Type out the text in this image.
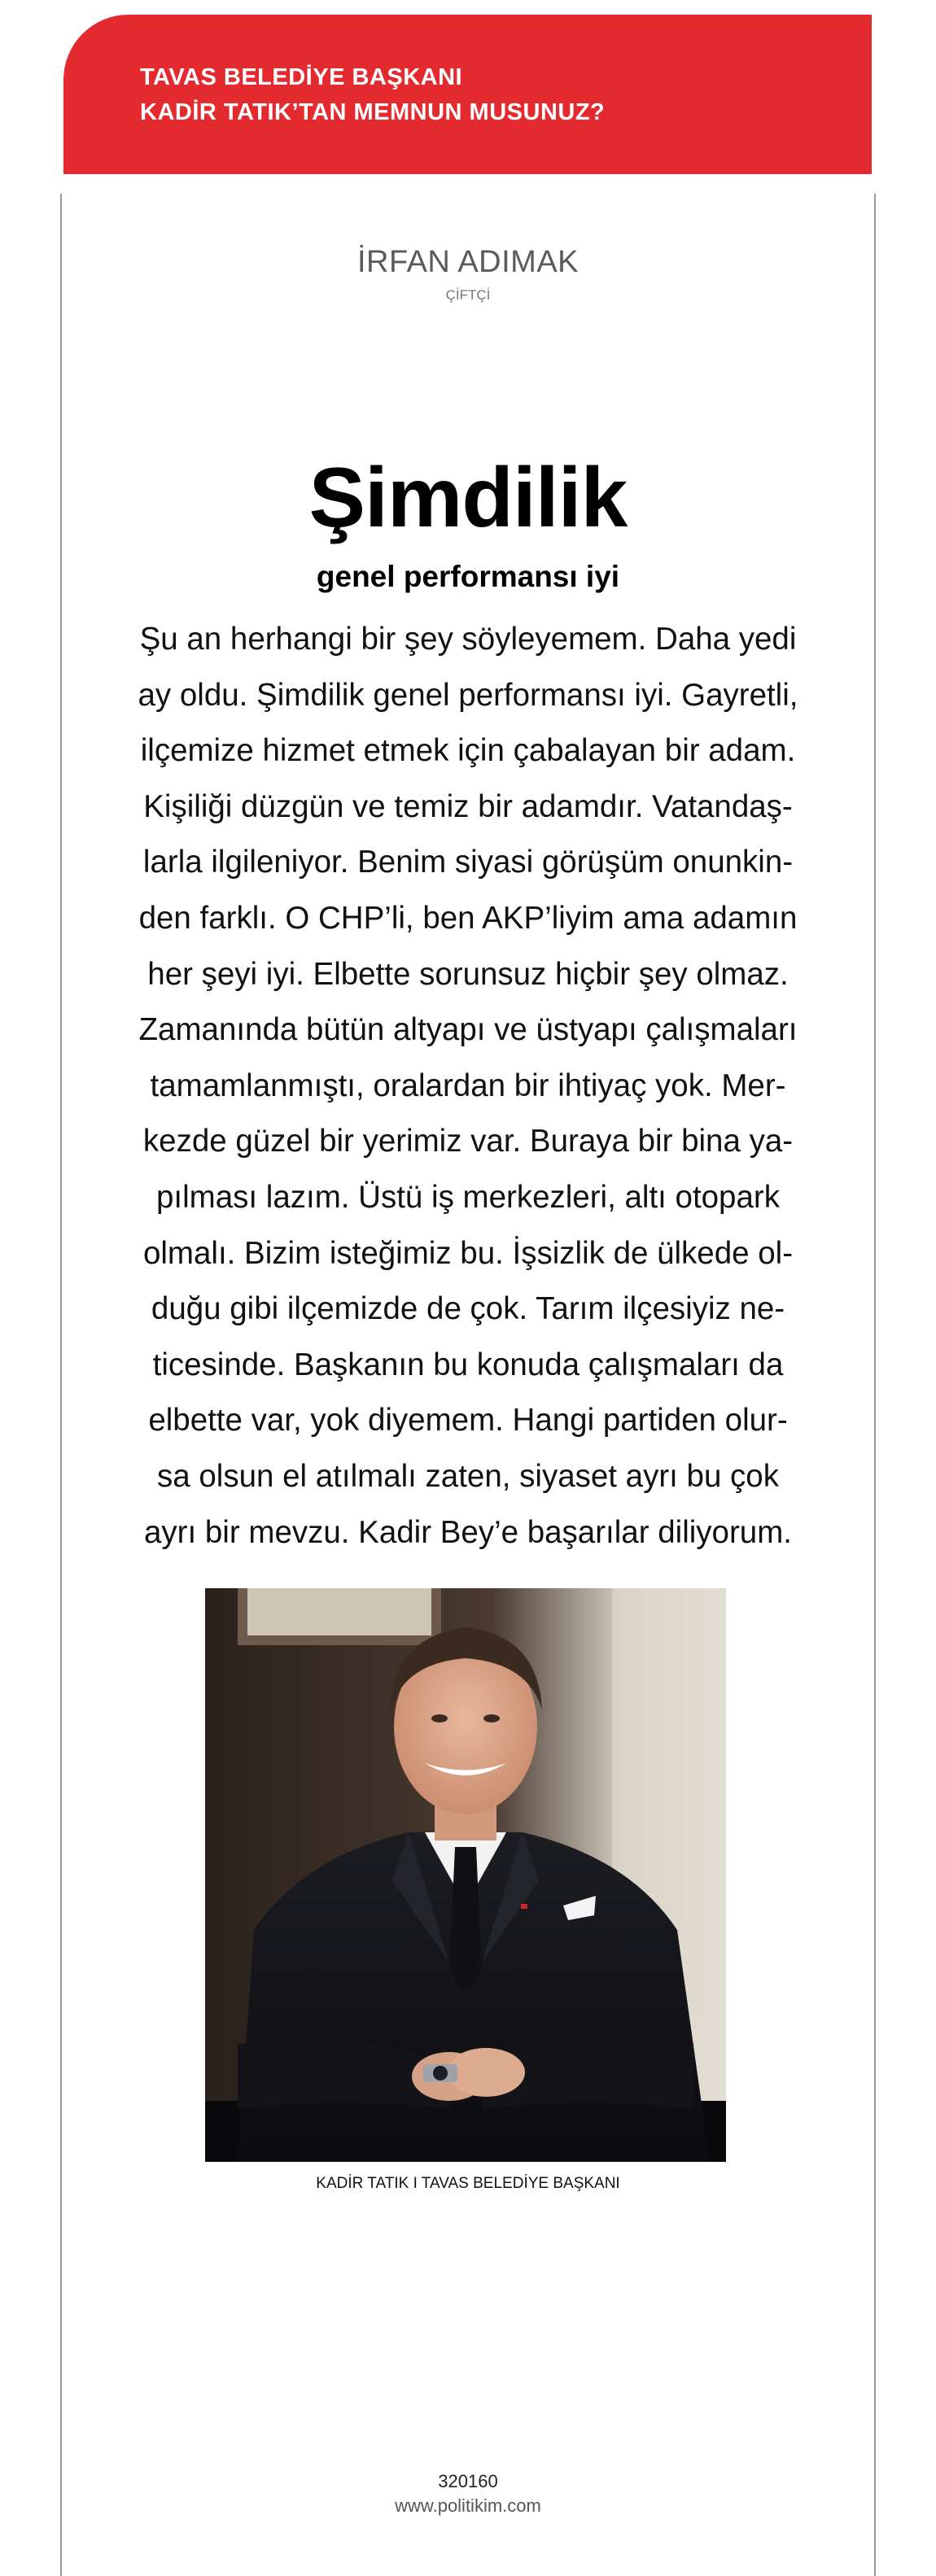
TAVAS BELEDİYE BAŞKANI
KADİR TATIK’TAN MEMNUN MUSUNUZ?
İRFAN ADIMAK
ÇİFTÇİ
Şimdilik
genel performansı iyi
Şu an herhangi bir şey söyleyemem. Daha yedi
ay oldu. Şimdilik genel performansı iyi. Gayretli,
ilçemize hizmet etmek için çabalayan bir adam.
Kişiliği düzgün ve temiz bir adamdır. Vatandaş-
larla ilgileniyor. Benim siyasi görüşüm onunkin-
den farklı. O CHP’li, ben AKP’liyim ama adamın
her şeyi iyi. Elbette sorunsuz hiçbir şey olmaz.
Zamanında bütün altyapı ve üstyapı çalışmaları
tamamlanmıştı, oralardan bir ihtiyaç yok. Mer-
kezde güzel bir yerimiz var. Buraya bir bina ya-
pılması lazım. Üstü iş merkezleri, altı otopark
olmalı. Bizim isteğimiz bu. İşsizlik de ülkede ol-
duğu gibi ilçemizde de çok. Tarım ilçesiyiz ne-
ticesinde. Başkanın bu konuda çalışmaları da
elbette var, yok diyemem. Hangi partiden olur-
sa olsun el atılmalı zaten, siyaset ayrı bu çok
ayrı bir mevzu. Kadir Bey’e başarılar diliyorum.
KADİR TATIK I TAVAS BELEDİYE BAŞKANI
320160
www.politikim.com
